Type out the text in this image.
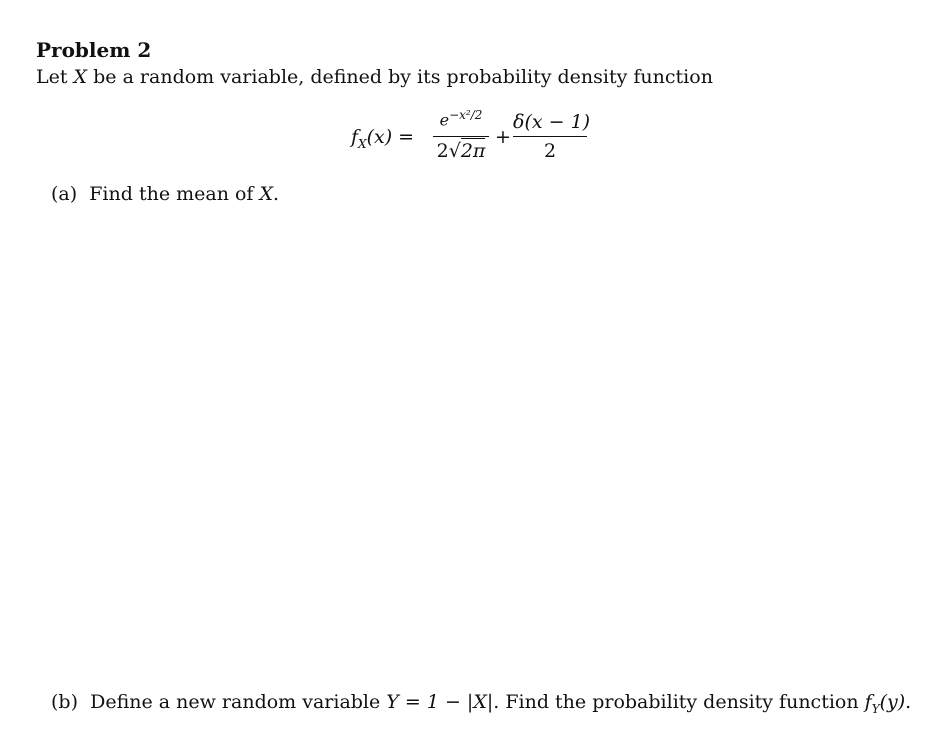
Problem 2
Let X be a random variable, defined by its probability density function
$f_X(x)$ =
$e^{-x^2/2}$
2√2π
+
δ(x − 1)
2
(a) Find the mean of X.
(b) Define a new random variable Y = 1 − |X|. Find the probability density function $f_Y(y)$.
